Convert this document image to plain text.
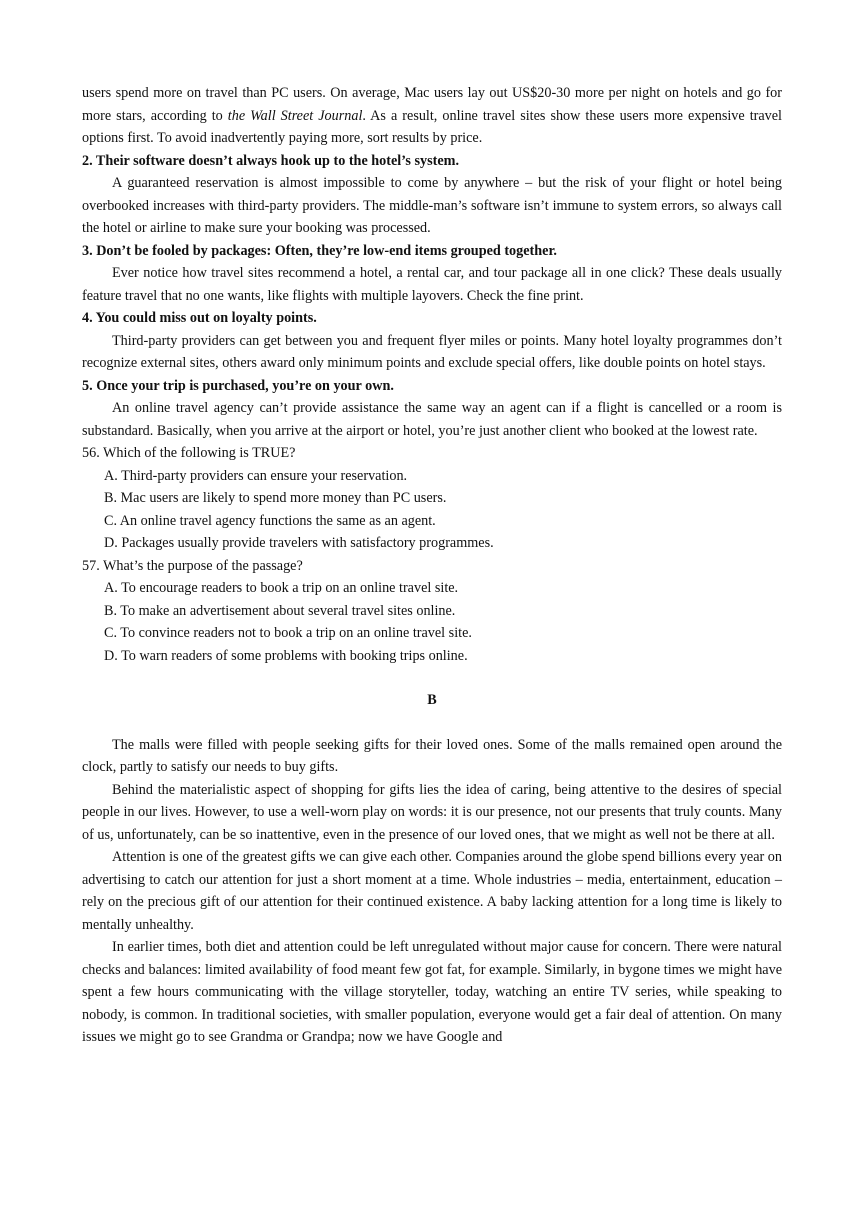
users spend more on travel than PC users. On average, Mac users lay out US$20-30 more per night on hotels and go for more stars, according to the Wall Street Journal. As a result, online travel sites show these users more expensive travel options first. To avoid inadvertently paying more, sort results by price.

2. Their software doesn’t always hook up to the hotel’s system.

A guaranteed reservation is almost impossible to come by anywhere – but the risk of your flight or hotel being overbooked increases with third-party providers. The middle-man’s software isn’t immune to system errors, so always call the hotel or airline to make sure your booking was processed.

3. Don’t be fooled by packages: Often, they’re low-end items grouped together.

Ever notice how travel sites recommend a hotel, a rental car, and tour package all in one click? These deals usually feature travel that no one wants, like flights with multiple layovers. Check the fine print.

4. You could miss out on loyalty points.

Third-party providers can get between you and frequent flyer miles or points. Many hotel loyalty programmes don’t recognize external sites, others award only minimum points and exclude special offers, like double points on hotel stays.

5. Once your trip is purchased, you’re on your own.

An online travel agency can’t provide assistance the same way an agent can if a flight is cancelled or a room is substandard. Basically, when you arrive at the airport or hotel, you’re just another client who booked at the lowest rate.

56. Which of the following is TRUE?

A. Third-party providers can ensure your reservation.

B. Mac users are likely to spend more money than PC users.

C. An online travel agency functions the same as an agent.

D. Packages usually provide travelers with satisfactory programmes.

57. What’s the purpose of the passage?

A. To encourage readers to book a trip on an online travel site.

B. To make an advertisement about several travel sites online.

C. To convince readers not to book a trip on an online travel site.

D. To warn readers of some problems with booking trips online.

B

The malls were filled with people seeking gifts for their loved ones. Some of the malls remained open around the clock, partly to satisfy our needs to buy gifts.

Behind the materialistic aspect of shopping for gifts lies the idea of caring, being attentive to the desires of special people in our lives. However, to use a well-worn play on words: it is our presence, not our presents that truly counts. Many of us, unfortunately, can be so inattentive, even in the presence of our loved ones, that we might as well not be there at all.

Attention is one of the greatest gifts we can give each other. Companies around the globe spend billions every year on advertising to catch our attention for just a short moment at a time. Whole industries – media, entertainment, education – rely on the precious gift of our attention for their continued existence. A baby lacking attention for a long time is likely to mentally unhealthy.

In earlier times, both diet and attention could be left unregulated without major cause for concern. There were natural checks and balances: limited availability of food meant few got fat, for example. Similarly, in bygone times we might have spent a few hours communicating with the village storyteller, today, watching an entire TV series, while speaking to nobody, is common. In traditional societies, with smaller population, everyone would get a fair deal of attention. On many issues we might go to see Grandma or Grandpa; now we have Google and
